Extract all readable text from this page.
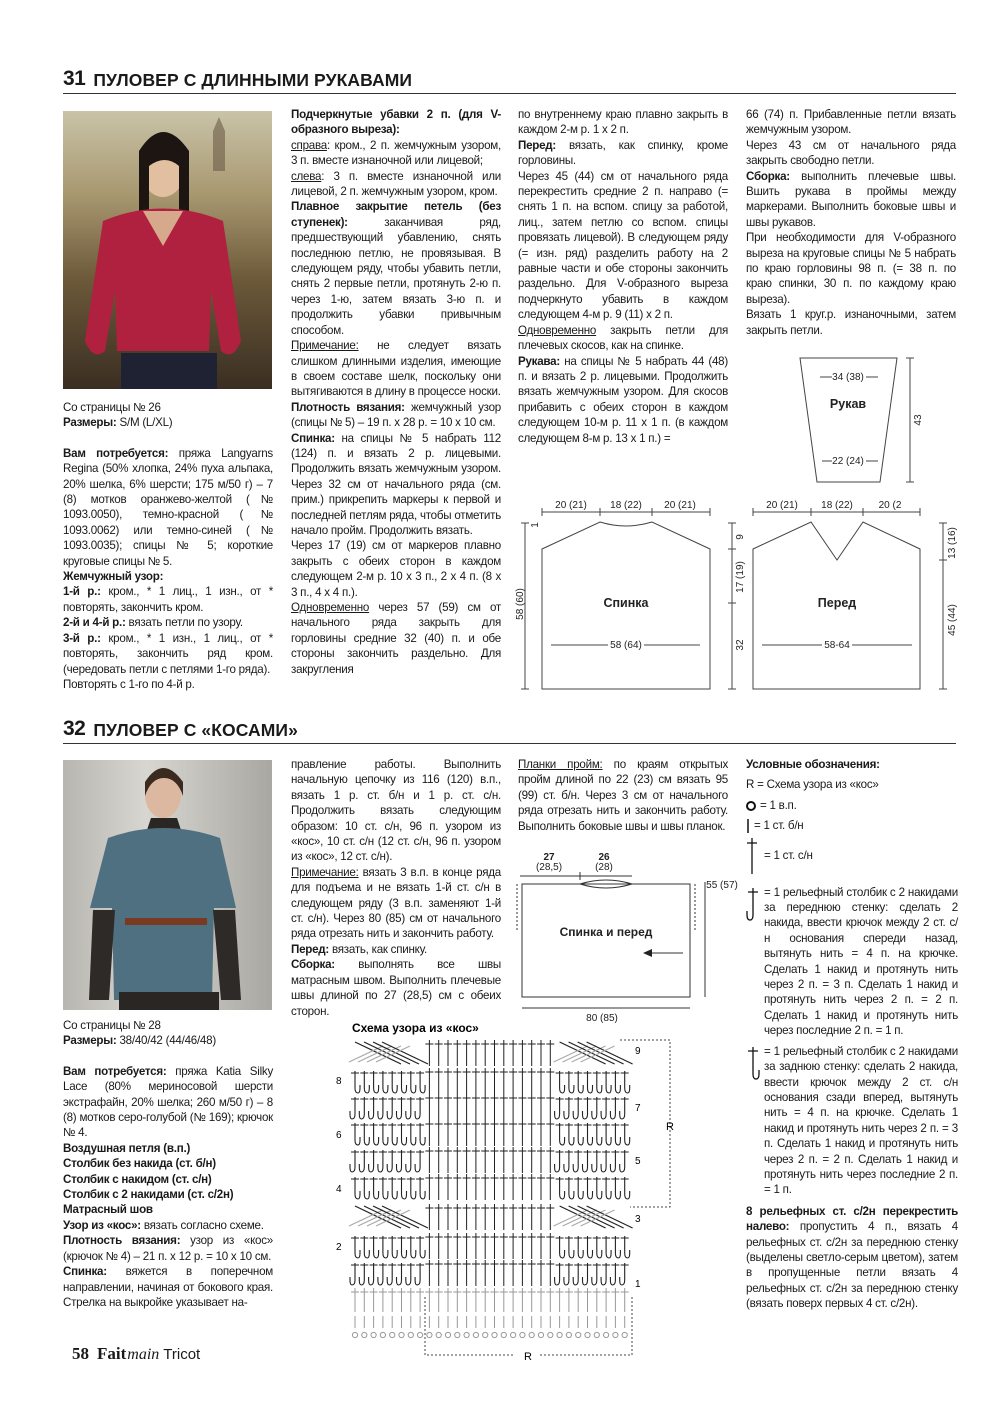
31 ПУЛОВЕР С ДЛИННЫМИ РУКАВАМИ

Со страницы № 26

Размеры: S/M (L/XL)

Вам потребуется: пряжа Langyarns Regina (50% хлопка, 24% пуха альпака, 20% шелка, 6% шерсти; 175 м/50 г) – 7 (8) мотков оранжево-желтой (№ 1093.0050), темно-красной (№ 1093.0062) или темно-синей (№ 1093.0035); спицы № 5; короткие круговые спицы № 5.

Жемчужный узор:

1-й р.: кром., * 1 лиц., 1 изн., от * повторять, закончить кром.

2-й и 4-й р.: вязать петли по узору.

3-й р.: кром., * 1 изн., 1 лиц., от * повторять, закончить ряд кром. (чередовать петли с петлями 1-го ряда).

Повторять с 1-го по 4-й р.

Подчеркнутые убавки 2 п. (для V-образного выреза):

справа: кром., 2 п. жемчужным узором, 3 п. вместе изнаночной или лицевой;

слева: 3 п. вместе изнаночной или лицевой, 2 п. жемчужным узором, кром.

Плавное закрытие петель (без ступенек): заканчивая ряд, предшествующий убавлению, снять последнюю петлю, не провязывая. В следующем ряду, чтобы убавить петли, снять 2 первые петли, протянуть 2-ю п. через 1-ю, затем вязать 3-ю п. и продолжить убавки привычным способом.

Примечание: не следует вязать слишком длинными изделия, имеющие в своем составе шелк, поскольку они вытягиваются в длину в процессе носки.

Плотность вязания: жемчужный узор (спицы № 5) – 19 п. x 28 р. = 10 x 10 см.

Спинка: на спицы № 5 набрать 112 (124) п. и вязать 2 р. лицевыми. Продолжить вязать жемчужным узором. Через 32 см от начального ряда (см. прим.) прикрепить маркеры к первой и последней петлям ряда, чтобы отметить начало пройм. Продолжить вязать.

Через 17 (19) см от маркеров плавно закрыть с обеих сторон в каждом следующем 2-м р. 10 x 3 п., 2 x 4 п. (8 x 3 п., 4 x 4 п.).

Одновременно через 57 (59) см от начального ряда закрыть для горловины средние 32 (40) п. и обе стороны закончить раздельно. Для закругления

по внутреннему краю плавно закрыть в каждом 2-м р. 1 x 2 п.

Перед: вязать, как спинку, кроме горловины.

Через 45 (44) см от начального ряда перекрестить средние 2 п. направо (= снять 1 п. на вспом. спицу за работой, лиц., затем петлю со вспом. спицы провязать лицевой). В следующем ряду (= изн. ряд) разделить работу на 2 равные части и обе стороны закончить раздельно. Для V-образного выреза подчеркнуто убавить в каждом следующем 4-м р. 9 (11) x 2 п.

Одновременно закрыть петли для плечевых скосов, как на спинке.

Рукава: на спицы № 5 набрать 44 (48) п. и вязать 2 р. лицевыми. Продолжить вязать жемчужным узором. Для скосов прибавить с обеих сторон в каждом следующем 10-м р. 11 x 1 п. (в каждом следующем 8-м р. 13 x 1 п.) =

66 (74) п. Прибавленные петли вязать жемчужным узором.

Через 43 см от начального ряда закрыть свободно петли.

Сборка: выполнить плечевые швы. Вшить рукава в проймы между маркерами. Выполнить боковые швы и швы рукавов.

При необходимости для V-образного выреза на круговые спицы № 5 набрать по краю горловины 98 п. (= 38 п. по краю спинки, 30 п. по каждому краю выреза).

Вязать 1 круг.р. изнаночными, затем закрыть петли.

34 (38)
Рукав
22 (24)
43
20 (21) 18 (22) 20 (21)
1
58 (60)	Спинка
58 (64)
9
17 (19)
32
20 (21) 18 (22)	20 (2
Перед
58-64
13 (16)
45 (44)
32 ПУЛОВЕР С «КОСАМИ»

Со страницы № 28

Размеры: 38/40/42 (44/46/48)

Вам потребуется: пряжа Katia Silky Lace (80% мериносовой шерсти экстрафайн, 20% шелка; 260 м/50 г) – 8 (8) мотков серо-голубой (№ 169); крючок № 4.

Воздушная петля (в.п.)

Столбик без накида (ст. б/н)

Столбик с накидом (ст. с/н)

Столбик с 2 накидами (ст. с/2н)

Матрасный шов

Узор из «кос»: вязать согласно схеме.

Плотность вязания: узор из «кос» (крючок № 4) – 21 п. x 12 р. = 10 x 10 см.

Спинка: вяжется в поперечном направлении, начиная от бокового края. Стрелка на выкройке указывает на-

правление работы. Выполнить начальную цепочку из 116 (120) в.п., вязать 1 р. ст. б/н и 1 р. ст. с/н. Продолжить вязать следующим образом: 10 ст. с/н, 96 п. узором из «кос», 10 ст. с/н (12 ст. с/н, 96 п. узором из «кос», 12 ст. с/н).

Примечание: вязать 3 в.п. в конце ряда для подъема и не вязать 1-й ст. с/н в следующем ряду (3 в.п. заменяют 1-й ст. с/н). Через 80 (85) см от начального ряда отрезать нить и закончить работу.

Перед: вязать, как спинку.

Сборка: выполнять все швы матрасным швом. Выполнить плечевые швы длиной по 27 (28,5) см с обеих сторон.

Планки пройм: по краям открытых пройм длиной по 22 (23) см вязать 95 (99) ст. б/н. Через 3 см от начального ряда отрезать нить и закончить работу. Выполнить боковые швы и швы планок.

27
(28,5)
26
(28)
55 (57)
Спинка и перед
80 (85)
Схема узора из «кос»
9
7
5
3
1
8
6
4
2
R
R
Условные обозначения:
R = Схема узора из «кос»
= 1 в.п.
= 1 ст. б/н
= 1 ст. с/н
= 1 рельефный столбик с 2 накидами за переднюю стенку: сделать 2 накида, ввести крючок между 2 ст. с/н основания спереди назад, вытянуть нить = 4 п. на крючке. Сделать 1 накид и протянуть нить через 2 п. = 3 п. Сделать 1 накид и протянуть нить через 2 п. = 2 п. Сделать 1 накид и протянуть нить через последние 2 п. = 1 п.
= 1 рельефный столбик с 2 накидами за заднюю стенку: сделать 2 накида, ввести крючок между 2 ст. с/н основания сзади вперед, вытянуть нить = 4 п. на крючке. Сделать 1 накид и протянуть нить через 2 п. = 3 п. Сделать 1 накид и протянуть нить через 2 п. = 2 п. Сделать 1 накид и протянуть нить через последние 2 п. = 1 п.
8 рельефных ст. с/2н перекрестить налево: пропустить 4 п., вязать 4 рельефных ст. с/2н за переднюю стенку (выделены светло-серым цветом), затем в пропущенные петли вязать 4 рельефных ст. с/2н за переднюю стенку (вязать поверх первых 4 ст. с/2н).
58 Fait main Tricot
